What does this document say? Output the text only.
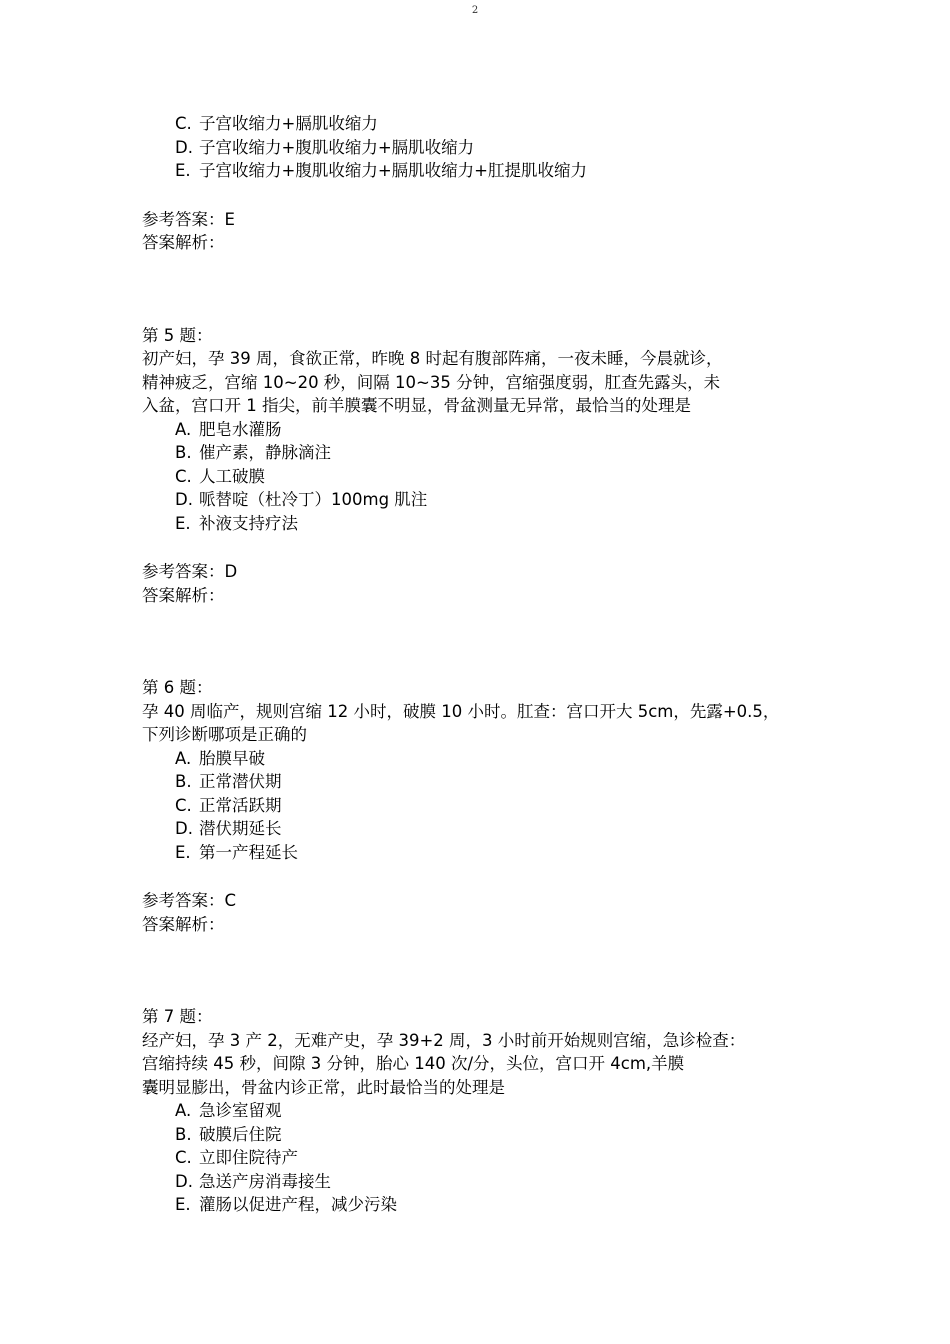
2
C. 子宫收缩力+膈肌收缩力
D. 子宫收缩力+腹肌收缩力+膈肌收缩力
E. 子宫收缩力+腹肌收缩力+膈肌收缩力+肛提肌收缩力
参考答案：E
答案解析：
第 5 题：
初产妇，孕 39 周，食欲正常，昨晚 8 时起有腹部阵痛，一夜未睡，今晨就诊，
精神疲乏，宫缩 10~20 秒，间隔 10~35 分钟，宫缩强度弱，肛查先露头，未
入盆，宫口开 1 指尖，前羊膜囊不明显，骨盆测量无异常，最恰当的处理是
A. 肥皂水灌肠
B. 催产素，静脉滴注
C. 人工破膜
D. 哌替啶（杜冷丁）100mg 肌注
E. 补液支持疗法
参考答案：D
答案解析：
第 6 题：
孕 40 周临产，规则宫缩 12 小时，破膜 10 小时。肛查：宫口开大 5cm，先露+0.5，
下列诊断哪项是正确的
A. 胎膜早破
B. 正常潜伏期
C. 正常活跃期
D. 潜伏期延长
E. 第一产程延长
参考答案：C
答案解析：
第 7 题：
经产妇，孕 3 产 2，无难产史，孕 39+2 周，3 小时前开始规则宫缩，急诊检查：
宫缩持续 45 秒，间隙 3 分钟，胎心 140 次/分，头位，宫口开 4cm,羊膜
囊明显膨出，骨盆内诊正常，此时最恰当的处理是
A. 急诊室留观
B. 破膜后住院
C. 立即住院待产
D. 急送产房消毒接生
E. 灌肠以促进产程，减少污染
